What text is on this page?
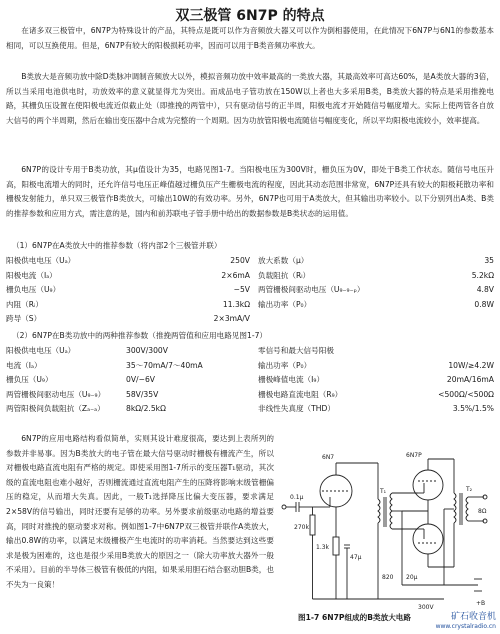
双三极管 6N7P 的特点

在诸多双三极管中，6N7P为特殊设计的产品，其特点是既可以作为音频放大器又可以作为倒相器使用，在此情况下6N7P与6N1的参数基本相同，可以互换使用。但是，6N7P有较大的阳极损耗功率，因而可以用于B类音频功率放大。

B类放大是音频功放中除D类脉冲调制音频放大以外，模拟音频功放中效率最高的一类放大器，其最高效率可高达60%，是A类放大器的3倍，所以当采用电池供电时，功放效率的意义就显得尤为突出。而成品电子管功放在150W以上者也大多采用B类，B类放大器的特点是采用推挽电路，其栅负压设置在使阳极电流近似截止处（即推挽的两管中），只有驱动信号的正半周，阳极电流才开始随信号幅度增大。实际上使两管各自放大信号的两个半周期，然后在输出变压器中合成为完整的一个周期。因为功放管阳极电流随信号幅度变化，所以平均阳极电流较小，效率提高。

6N7P的设计专用于B类功放，其μ值设计为35，电路见图1-7。当阳极电压为300V时，栅负压为0V，即处于B类工作状态。随信号电压升高，阳极电流增大的同时，还允许信号电压正峰值越过栅负压产生栅极电流的程度，因此其动态范围非常宽，6N7P还具有较大的阳极耗散功率和栅极发射能力，单只双三极管作B类放大，可输出10W的有效功率。另外，6N7P也可用于A类放大，但其输出功率较小。以下分别列出A类、B类的推荐参数和应用方式，需注意的是，国内和前苏联电子管手册中给出的数据参数是B类状态的运用值。

（1）6N7P在A类放大中的推荐参数（将内部2个三极管并联）
阳极供电电压（Uₐ）	250V 放大系数（μ）	35
阳极电流（Iₐ）	2×6mA 负载阻抗（Rₗ）	5.2kΩ
栅负电压（U₉）	−5V 两管栅极间驱动电压（U₉₋₉₋ₚ）	4.8V
内阻（Rᵢ）	11.3kΩ 输出功率（P₀）	0.8W
跨导（S）	2×3mA/V
（2）6N7P在B类功放中的两种推荐参数（推挽两管值和应用电路见图1-7）
阳极供电电压（Uₐ）	300V/300V	零信号和最大信号阳极
电流（Iₐ）	35～70mA/7～40mA	输出功率（P₀）	10W/≥4.2W
栅负压（U₉）	0V/−6V	栅极峰值电流（I₉）	20mA/16mA
两管栅极间驱动电压（U₉₋₉）	58V/35V	栅极电路直流电阻（R₉）	<500Ω/<500Ω
两管阳极间负载阻抗（Zₐ₋ₐ）	8kΩ/2.5kΩ	非线性失真度（THD）	3.5%/1.5%

6N7P的应用电路结构看似简单，实则其设计难度很高，要达到上表所列的参数并非易事。因为B类放大的电子管在最大信号驱动时栅极有栅流产生，所以对栅极电路直流电阻有严格的规定。即使采用图1-7所示的变压器T₁驱动，其次级的直流电阻也难小越好，否则栅流通过直流电阻产生的压降将影响末级管栅偏压的稳定，从而增大失真。因此，一般T₁选择降压比偏大变压器，要求满足2×58V的信号输出，同时还要有足够的功率。另外要求前级驱动电路的增益要高，同时对推挽的驱动要求对称。例如图1-7中6N7P双三极管并联作A类放大，输出0.8W的功率，以满足末级栅极产生电流时的功率消耗。当然要达到这些要求是极为困难的，这也是很少采用B类放大的原因之一（除大功率放大器外一般不采用）。目前的半导体三极管有极低的内阻，如果采用胆石结合驱动胆B类，也不失为一良策！

6N7	6N7P
T₁	T₂
8Ω
0.1μ
270k
1.3k
47μ
20μ
300V
+B
820
图1-7 6N7P组成的B类放大电路	矿石收音机
www.crystalradio.cn
